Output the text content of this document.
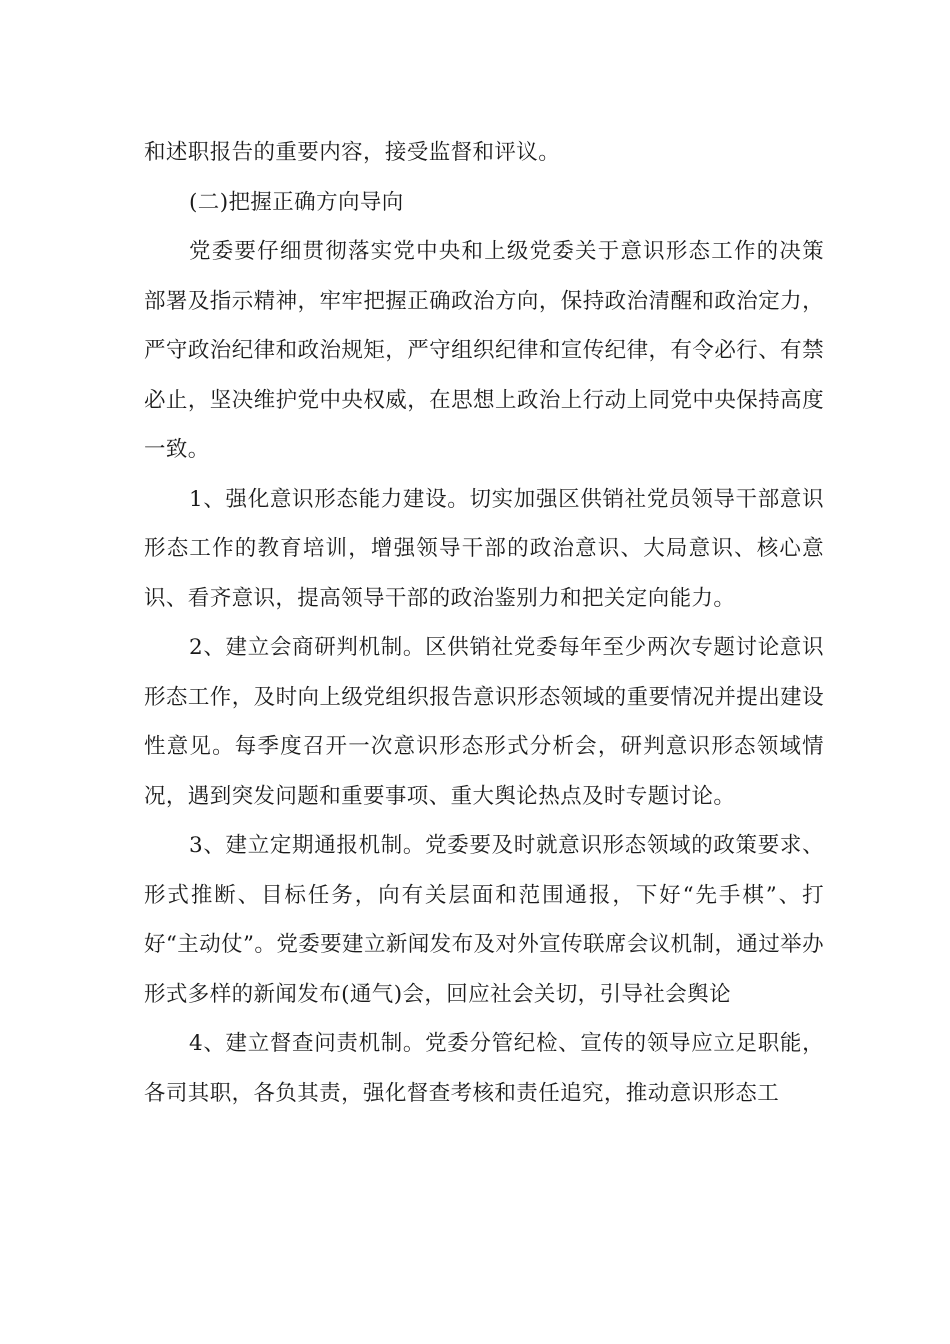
和述职报告的重要内容，接受监督和评议。

(二)把握正确方向导向

党委要仔细贯彻落实党中央和上级党委关于意识形态工作的决策部署及指示精神，牢牢把握正确政治方向，保持政治清醒和政治定力，严守政治纪律和政治规矩，严守组织纪律和宣传纪律，有令必行、有禁必止，坚决维护党中央权威，在思想上政治上行动上同党中央保持高度一致。

1、强化意识形态能力建设。切实加强区供销社党员领导干部意识形态工作的教育培训，增强领导干部的政治意识、大局意识、核心意识、看齐意识，提高领导干部的政治鉴别力和把关定向能力。

2、建立会商研判机制。区供销社党委每年至少两次专题讨论意识形态工作，及时向上级党组织报告意识形态领域的重要情况并提出建设性意见。每季度召开一次意识形态形式分析会，研判意识形态领域情况，遇到突发问题和重要事项、重大舆论热点及时专题讨论。

3、建立定期通报机制。党委要及时就意识形态领域的政策要求、形式推断、目标任务，向有关层面和范围通报，下好“先手棋”、打好“主动仗”。党委要建立新闻发布及对外宣传联席会议机制，通过举办形式多样的新闻发布(通气)会，回应社会关切，引导社会舆论

4、建立督查问责机制。党委分管纪检、宣传的领导应立足职能，各司其职，各负其责，强化督查考核和责任追究，推动意识形态工
